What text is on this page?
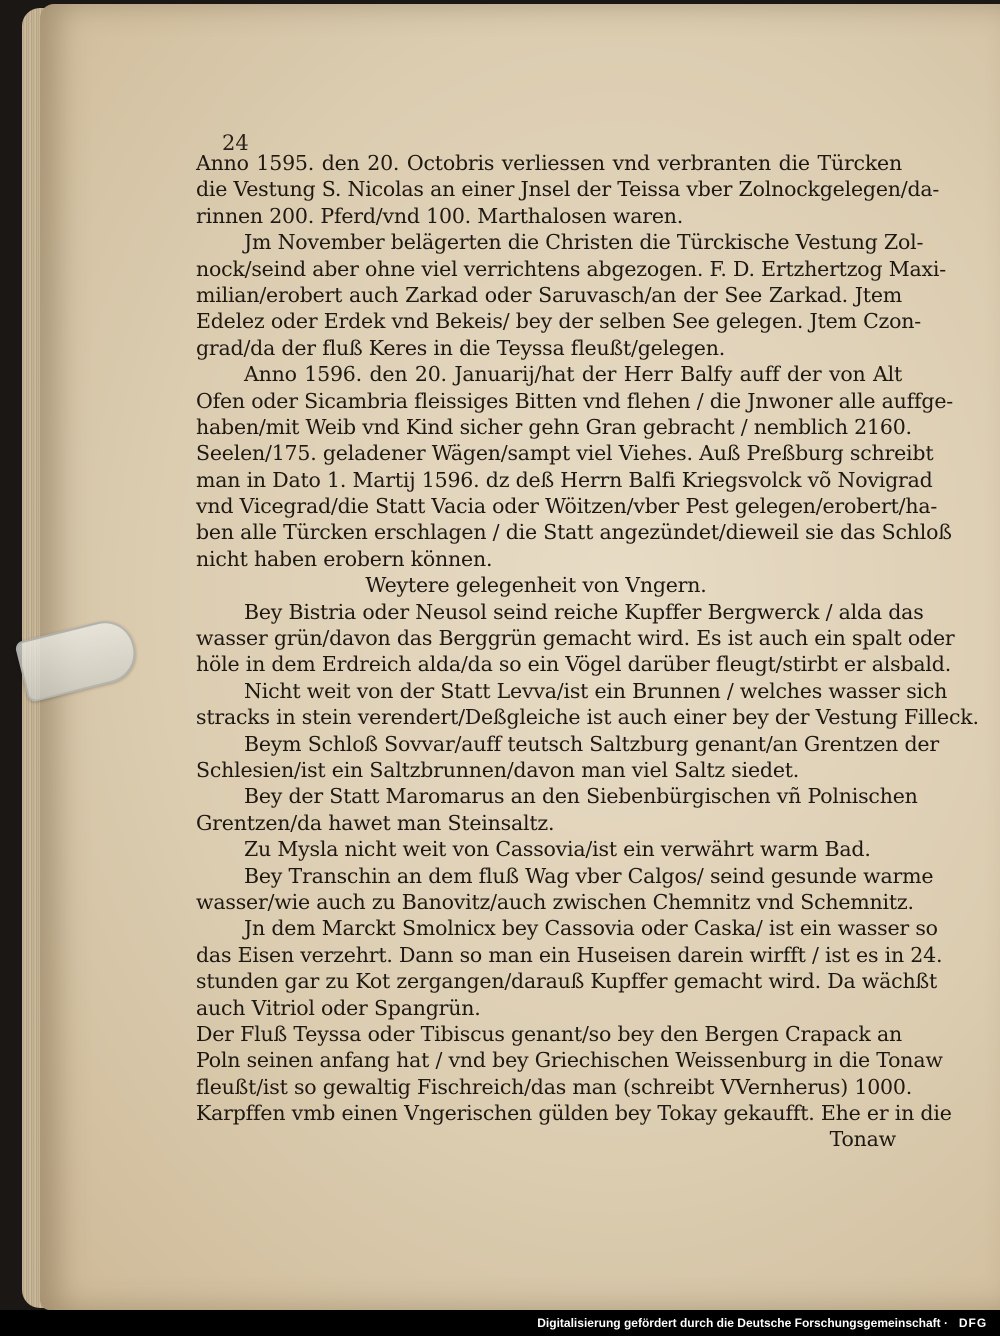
24
Anno 1595. den 20. Octobris verliessen vnd verbranten die Türcken
die Vestung S. Nicolas an einer Jnsel der Teissa vber Zolnockgelegen/da-
rinnen 200. Pferd/vnd 100. Marthalosen waren.
Jm November belägerten die Christen die Türckische Vestung Zol-
nock/seind aber ohne viel verrichtens abgezogen. F. D. Ertzhertzog Maxi-
milian/erobert auch Zarkad oder Saruvasch/an der See Zarkad. Jtem
Edelez oder Erdek vnd Bekeis/ bey der selben See gelegen. Jtem Czon-
grad/da der fluß Keres in die Teyssa fleußt/gelegen.
Anno 1596. den 20. Januarij/hat der Herr Balfy auff der von Alt
Ofen oder Sicambria fleissiges Bitten vnd flehen / die Jnwoner alle auffge-
haben/mit Weib vnd Kind sicher gehn Gran gebracht / nemblich 2160.
Seelen/175. geladener Wägen/sampt viel Viehes. Auß Preßburg schreibt
man in Dato 1. Martij 1596. dz deß Herrn Balfi Kriegsvolck võ Novigrad
vnd Vicegrad/die Statt Vacia oder Wöitzen/vber Pest gelegen/erobert/ha-
ben alle Türcken erschlagen / die Statt angezündet/dieweil sie das Schloß
nicht haben erobern können.
Weytere gelegenheit von Vngern.
Bey Bistria oder Neusol seind reiche Kupffer Bergwerck / alda das
wasser grün/davon das Berggrün gemacht wird. Es ist auch ein spalt oder
höle in dem Erdreich alda/da so ein Vögel darüber fleugt/stirbt er alsbald.
Nicht weit von der Statt Levva/ist ein Brunnen / welches wasser sich
stracks in stein verendert/Deßgleiche ist auch einer bey der Vestung Filleck.
Beym Schloß Sovvar/auff teutsch Saltzburg genant/an Grentzen der
Schlesien/ist ein Saltzbrunnen/davon man viel Saltz siedet.
Bey der Statt Maromarus an den Siebenbürgischen vñ Polnischen
Grentzen/da hawet man Steinsaltz.
Zu Mysla nicht weit von Cassovia/ist ein verwährt warm Bad.
Bey Transchin an dem fluß Wag vber Calgos/ seind gesunde warme
wasser/wie auch zu Banovitz/auch zwischen Chemnitz vnd Schemnitz.
Jn dem Marckt Smolnicx bey Cassovia oder Caska/ ist ein wasser so
das Eisen verzehrt. Dann so man ein Huseisen darein wirfft / ist es in 24.
stunden gar zu Kot zergangen/darauß Kupffer gemacht wird. Da wächßt
auch Vitriol oder Spangrün.
Der Fluß Teyssa oder Tibiscus genant/so bey den Bergen Crapack an
Poln seinen anfang hat / vnd bey Griechischen Weissenburg in die Tonaw
fleußt/ist so gewaltig Fischreich/das man (schreibt VVernherus) 1000.
Karpffen vmb einen Vngerischen gülden bey Tokay gekaufft. Ehe er in die
Tonaw
Digitalisierung gefördert durch die Deutsche Forschungsgemeinschaft · DFG
